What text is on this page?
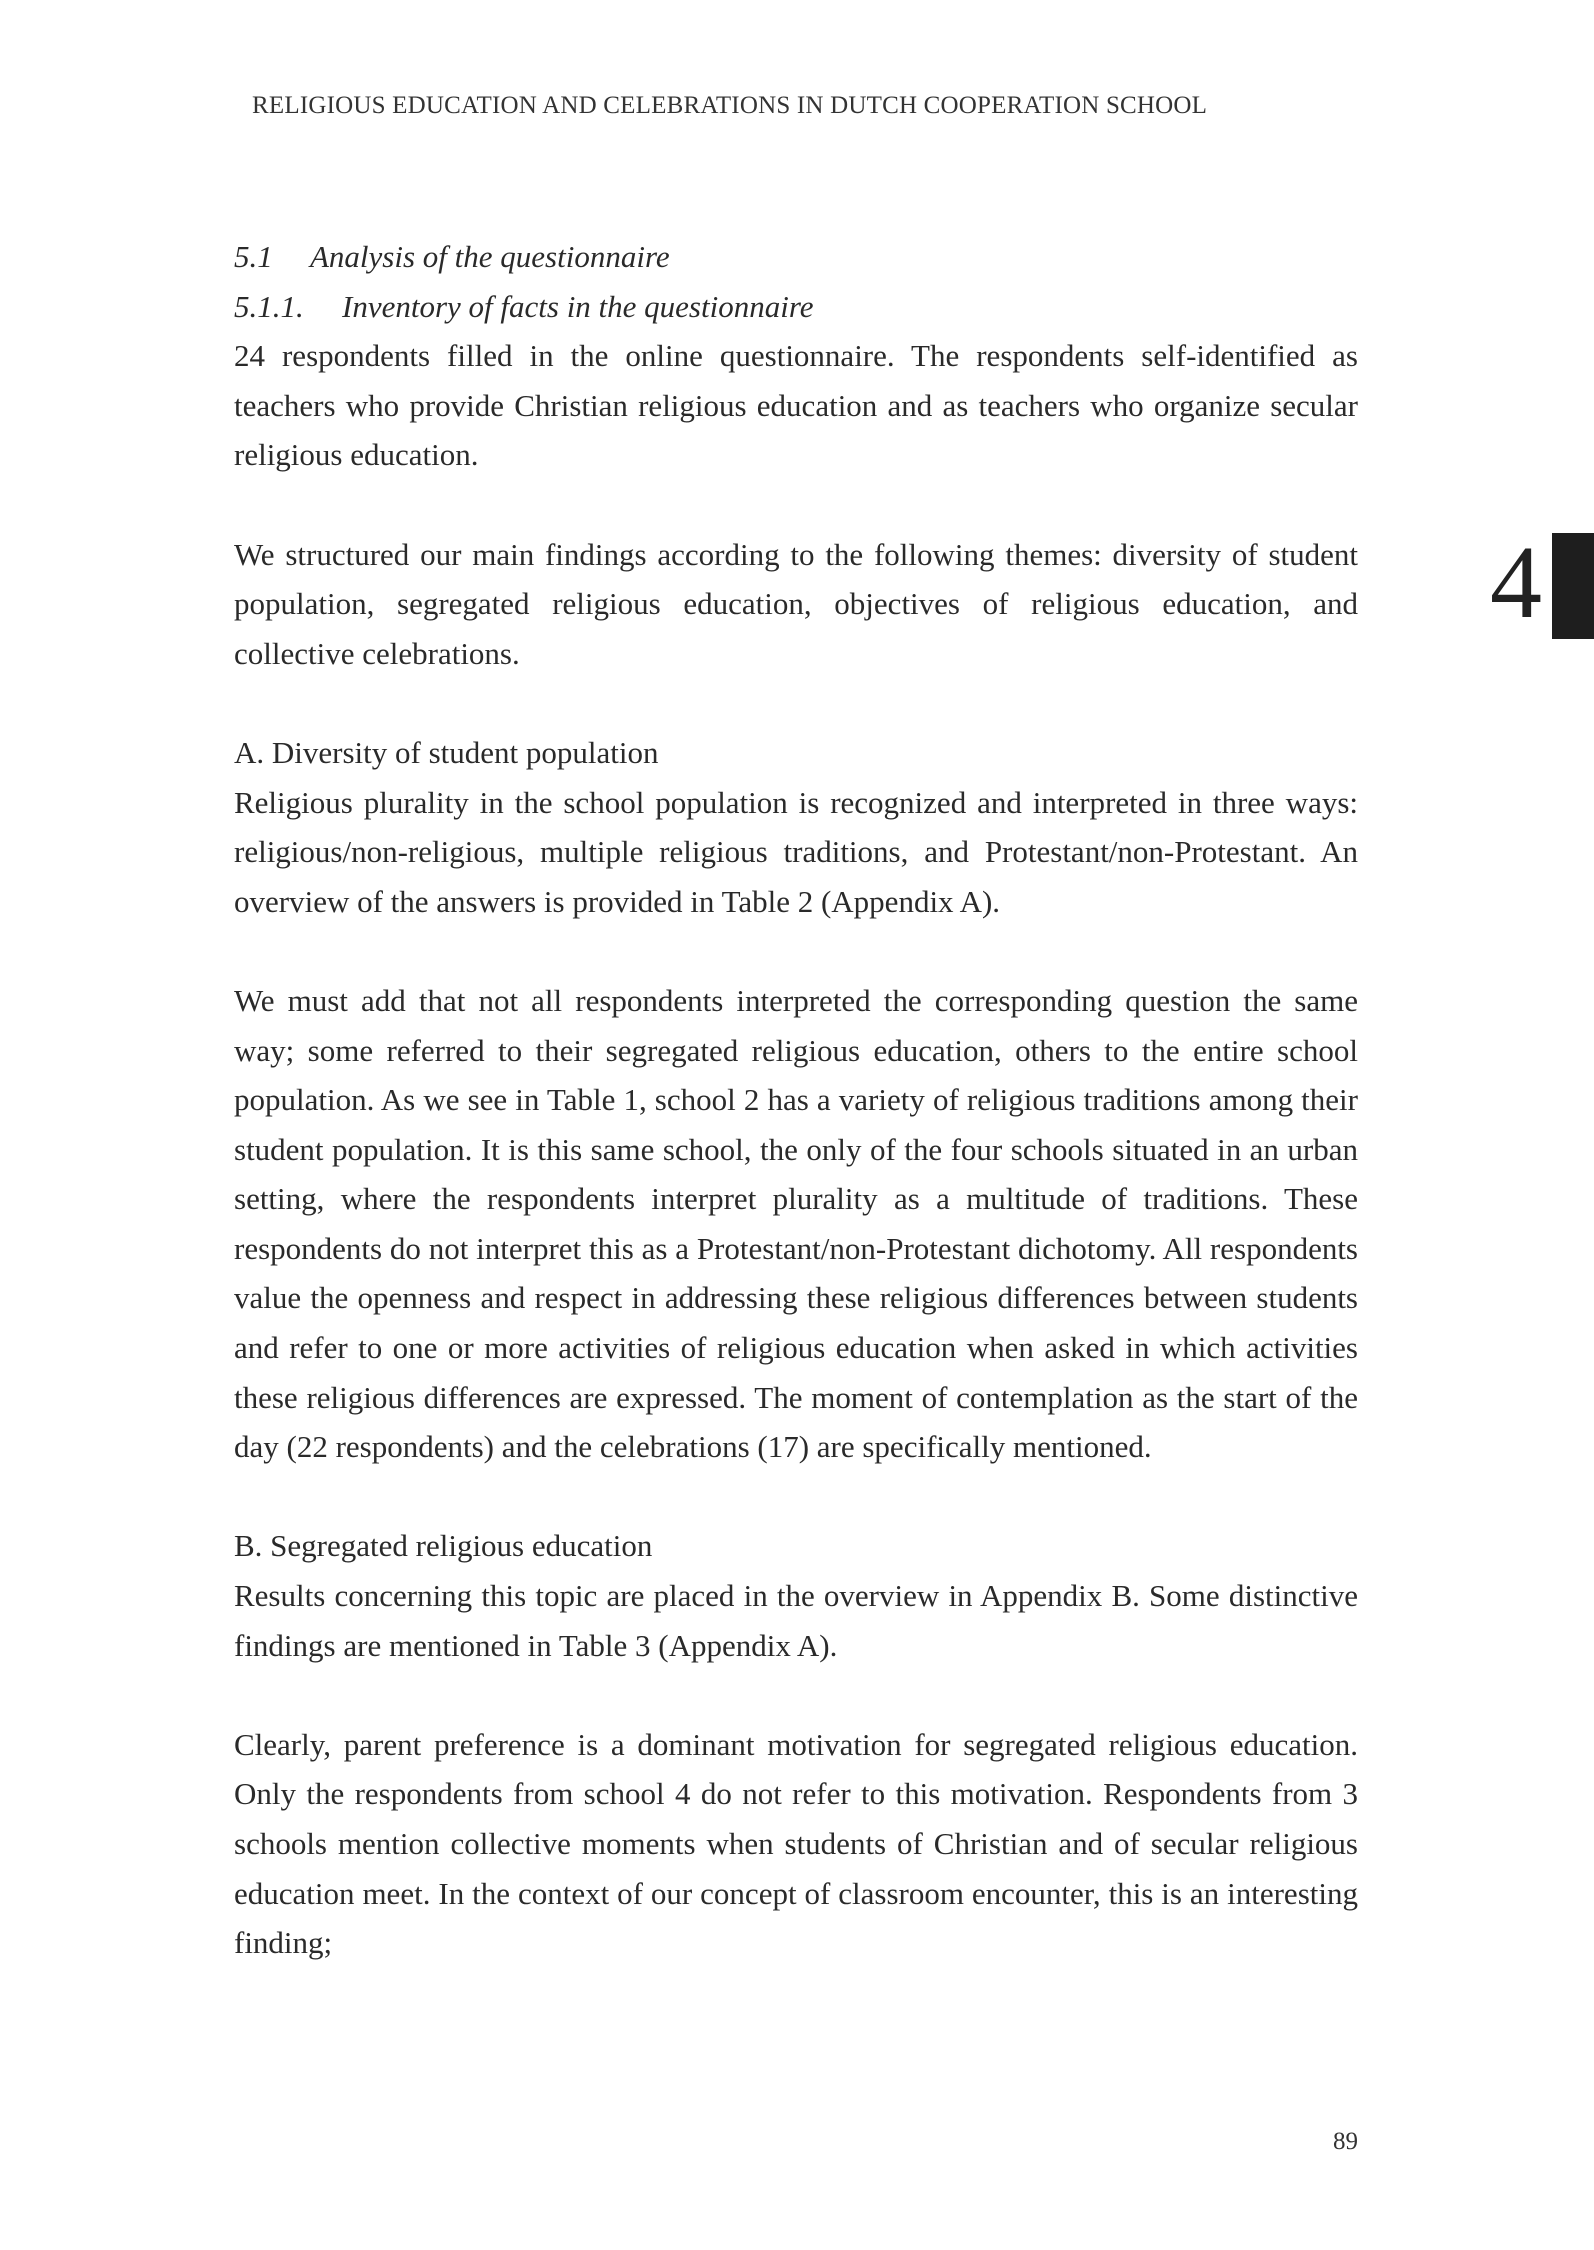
RELIGIOUS EDUCATION AND CELEBRATIONS IN DUTCH COOPERATION SCHOOL
4

5.1 Analysis of the questionnaire

5.1.1. Inventory of facts in the questionnaire

24 respondents filled in the online questionnaire. The respondents self-identified as teachers who provide Christian religious education and as teachers who organize secular religious education.

We structured our main findings according to the following themes: diversity of student population, segregated religious education, objectives of religious education, and collective celebrations.

A. Diversity of student population

Religious plurality in the school population is recognized and interpreted in three ways: religious/non-religious, multiple religious traditions, and Protestant/non-Protestant. An overview of the answers is provided in Table 2 (Appendix A).

We must add that not all respondents interpreted the corresponding question the same way; some referred to their segregated religious education, others to the entire school population. As we see in Table 1, school 2 has a variety of religious traditions among their student population. It is this same school, the only of the four schools situated in an urban setting, where the respondents interpret plurality as a multitude of traditions. These respondents do not interpret this as a Protestant/non-Protestant dichotomy. All respondents value the openness and respect in addressing these religious differences between students and refer to one or more activities of religious education when asked in which activities these religious differences are expressed. The moment of contemplation as the start of the day (22 respondents) and the celebrations (17) are specifically mentioned.

B. Segregated religious education

Results concerning this topic are placed in the overview in Appendix B. Some distinctive findings are mentioned in Table 3 (Appendix A).

Clearly, parent preference is a dominant motivation for segregated religious education. Only the respondents from school 4 do not refer to this motivation. Respondents from 3 schools mention collective moments when students of Christian and of secular religious education meet. In the context of our concept of classroom encounter, this is an interesting finding;

89
